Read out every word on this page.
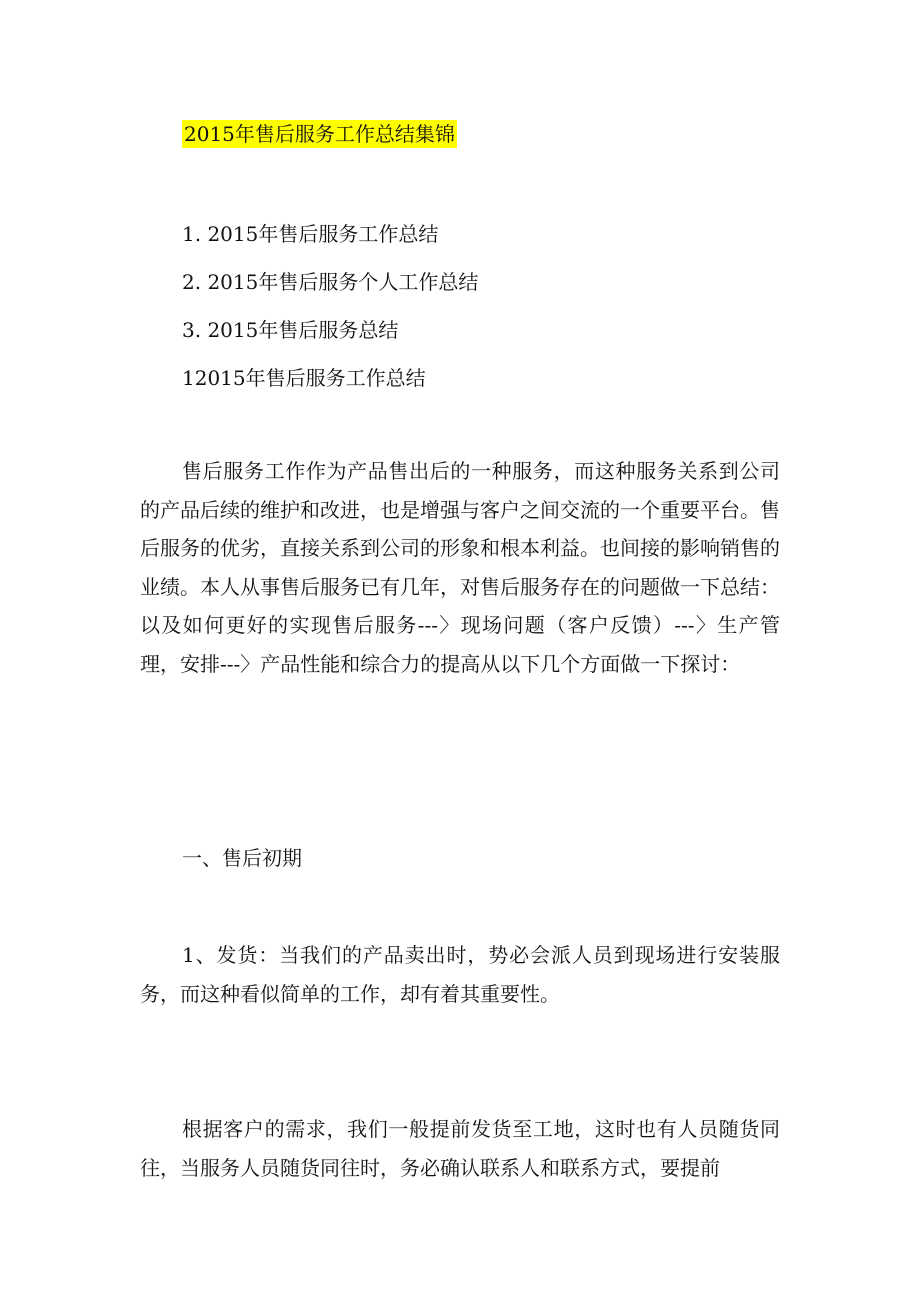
2015年售后服务工作总结集锦
1. 2015年售后服务工作总结
2. 2015年售后服务个人工作总结
3. 2015年售后服务总结
12015年售后服务工作总结

售后服务工作作为产品售出后的一种服务，而这种服务关系到公司的产品后续的维护和改进，也是增强与客户之间交流的一个重要平台。售后服务的优劣，直接关系到公司的形象和根本利益。也间接的影响销售的业绩。本人从事售后服务已有几年，对售后服务存在的问题做一下总结：以及如何更好的实现售后服务---〉现场问题（客户反馈）---〉生产管理，安排---〉产品性能和综合力的提高从以下几个方面做一下探讨：

一、售后初期

1、发货：当我们的产品卖出时，势必会派人员到现场进行安装服务，而这种看似简单的工作，却有着其重要性。

根据客户的需求，我们一般提前发货至工地，这时也有人员随货同往，当服务人员随货同往时，务必确认联系人和联系方式，要提前
